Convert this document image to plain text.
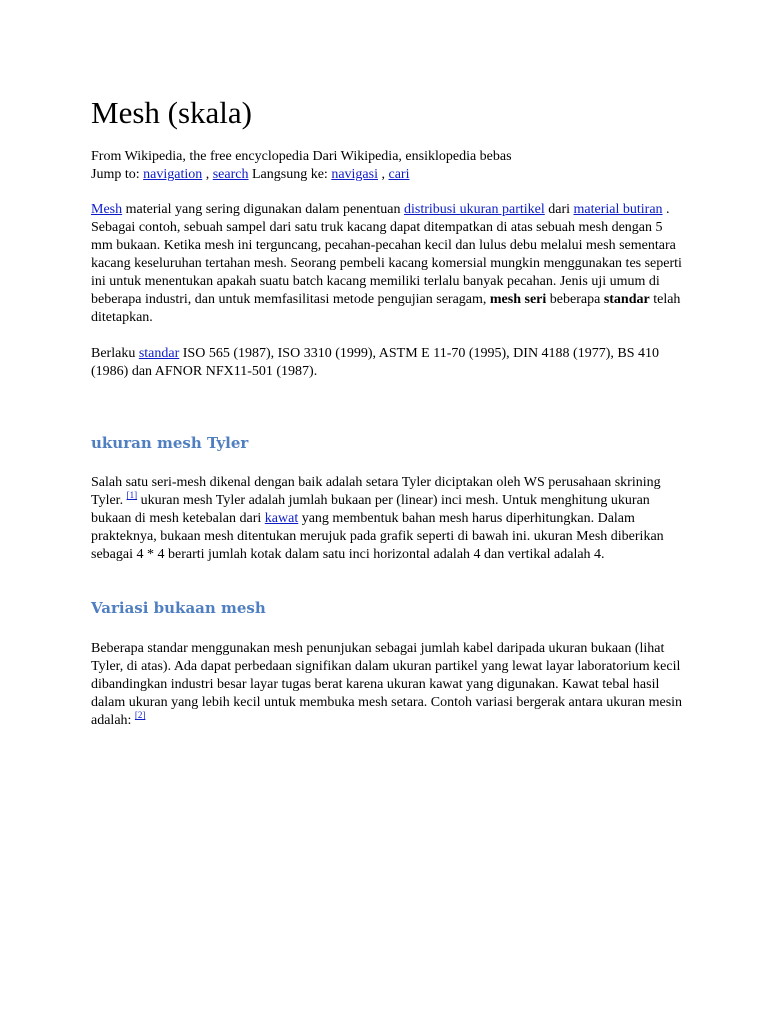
Mesh (skala)

From Wikipedia, the free encyclopedia Dari Wikipedia, ensiklopedia bebas

Jump to: navigation , search Langsung ke: navigasi , cari

Mesh material yang sering digunakan dalam penentuan distribusi ukuran partikel dari material butiran . Sebagai contoh, sebuah sampel dari satu truk kacang dapat ditempatkan di atas sebuah mesh dengan 5 mm bukaan. Ketika mesh ini terguncang, pecahan-pecahan kecil dan lulus debu melalui mesh sementara kacang keseluruhan tertahan mesh. Seorang pembeli kacang komersial mungkin menggunakan tes seperti ini untuk menentukan apakah suatu batch kacang memiliki terlalu banyak pecahan. Jenis uji umum di beberapa industri, dan untuk memfasilitasi metode pengujian seragam, mesh seri beberapa standar telah ditetapkan.

Berlaku standar ISO 565 (1987), ISO 3310 (1999), ASTM E 11-70 (1995), DIN 4188 (1977), BS 410 (1986) dan AFNOR NFX11-501 (1987).

ukuran mesh Tyler

Salah satu seri-mesh dikenal dengan baik adalah setara Tyler diciptakan oleh WS perusahaan skrining Tyler. [1] ukuran mesh Tyler adalah jumlah bukaan per (linear) inci mesh. Untuk menghitung ukuran bukaan di mesh ketebalan dari kawat yang membentuk bahan mesh harus diperhitungkan. Dalam prakteknya, bukaan mesh ditentukan merujuk pada grafik seperti di bawah ini. ukuran Mesh diberikan sebagai 4 * 4 berarti jumlah kotak dalam satu inci horizontal adalah 4 dan vertikal adalah 4.

Variasi bukaan mesh

Beberapa standar menggunakan mesh penunjukan sebagai jumlah kabel daripada ukuran bukaan (lihat Tyler, di atas). Ada dapat perbedaan signifikan dalam ukuran partikel yang lewat layar laboratorium kecil dibandingkan industri besar layar tugas berat karena ukuran kawat yang digunakan. Kawat tebal hasil dalam ukuran yang lebih kecil untuk membuka mesh setara. Contoh variasi bergerak antara ukuran mesin adalah: [2]
